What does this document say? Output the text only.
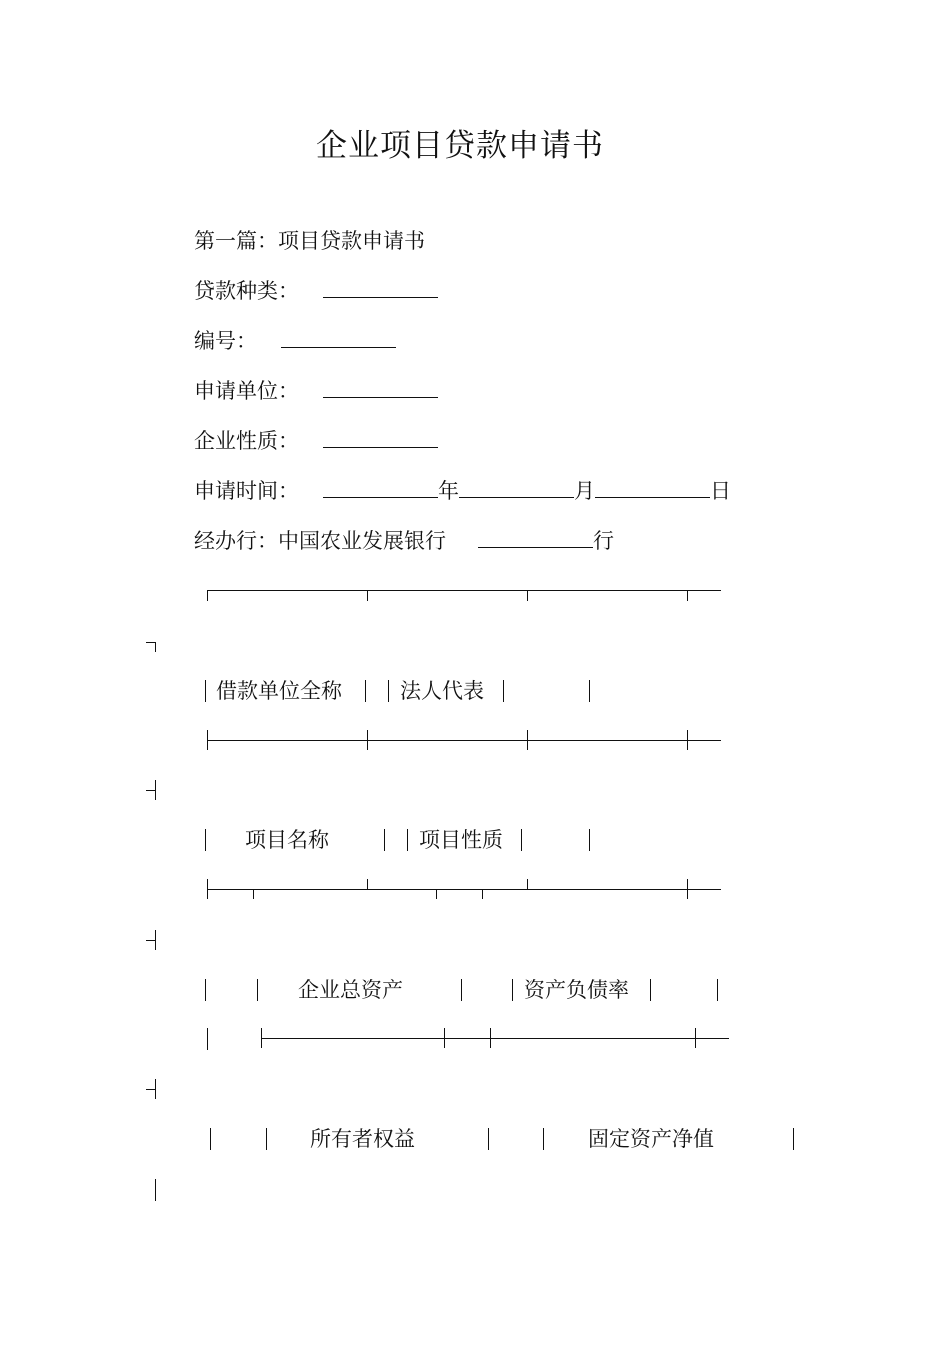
企业项目贷款申请书
第一篇：项目贷款申请书
贷款种类：
编号：
申请单位：
企业性质：
申请时间：	年	月	日
经办行：中国农业发展银行	行
借款单位全称	法人代表
项目名称	项目性质
企业总资产	资产负债率
所有者权益	固定资产净值
